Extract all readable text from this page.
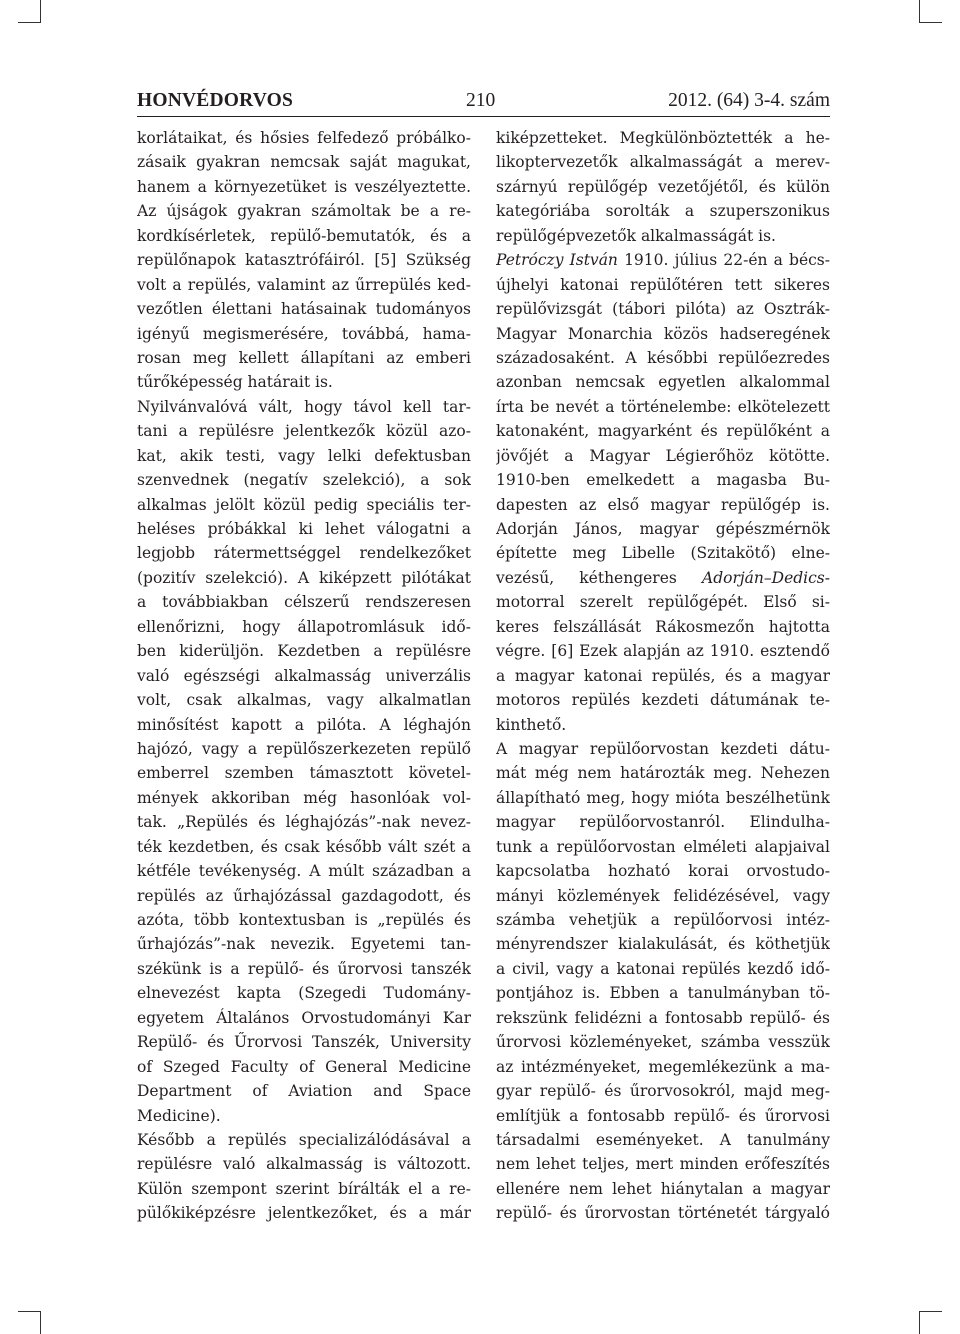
HONVÉDORVOS	210	2012. (64) 3-4. szám
korlátaikat, és hősies felfedező próbálko-
zásaik gyakran nemcsak saját magukat,
hanem a környezetüket is veszélyeztette.
Az újságok gyakran számoltak be a re-
kordkísérletek, repülő-bemutatók, és a
repülőnapok katasztrófáiról. [5] Szükség
volt a repülés, valamint az űrrepülés ked-
vezőtlen élettani hatásainak tudományos
igényű megismerésére, továbbá, hama-
rosan meg kellett állapítani az emberi
tűrőképesség határait is.
Nyilvánvalóvá vált, hogy távol kell tar-
tani a repülésre jelentkezők közül azo-
kat, akik testi, vagy lelki defektusban
szenvednek (negatív szelekció), a sok
alkalmas jelölt közül pedig speciális ter-
heléses próbákkal ki lehet válogatni a
legjobb rátermettséggel rendelkezőket
(pozitív szelekció). A kiképzett pilótákat
a továbbiakban célszerű rendszeresen
ellenőrizni, hogy állapotromlásuk idő-
ben kiderüljön. Kezdetben a repülésre
való egészségi alkalmasság univerzális
volt, csak alkalmas, vagy alkalmatlan
minősítést kapott a pilóta. A léghajón
hajózó, vagy a repülőszerkezeten repülő
emberrel szemben támasztott követel-
mények akkoriban még hasonlóak vol-
tak. „Repülés és léghajózás”-nak nevez-
ték kezdetben, és csak később vált szét a
kétféle tevékenység. A múlt században a
repülés az űrhajózással gazdagodott, és
azóta, több kontextusban is „repülés és
űrhajózás”-nak nevezik. Egyetemi tan-
székünk is a repülő- és űrorvosi tanszék
elnevezést kapta (Szegedi Tudomány-
egyetem Általános Orvostudományi Kar
Repülő- és Űrorvosi Tanszék, University
of Szeged Faculty of General Medicine
Department of Aviation and Space
Medicine).
Később a repülés specializálódásával a
repülésre való alkalmasság is változott.
Külön szempont szerint bírálták el a re-
pülőkiképzésre jelentkezőket, és a már
kiképzetteket. Megkülönböztették a he-
likoptervezetők alkalmasságát a merev-
szárnyú repülőgép vezetőjétől, és külön
kategóriába sorolták a szuperszonikus
repülőgépvezetők alkalmasságát is.
Petróczy István 1910. július 22-én a bécs-
újhelyi katonai repülőtéren tett sikeres
repülővizsgát (tábori pilóta) az Osztrák-
Magyar Monarchia közös hadseregének
századosaként. A későbbi repülőezredes
azonban nemcsak egyetlen alkalommal
írta be nevét a történelembe: elkötelezett
katonaként, magyarként és repülőként a
jövőjét a Magyar Légierőhöz kötötte.
1910-ben emelkedett a magasba Bu-
dapesten az első magyar repülőgép is.
Adorján János, magyar gépészmérnök
építette meg Libelle (Szitakötő) elne-
vezésű, kéthengeres Adorján–Dedics-
motorral szerelt repülőgépét. Első si-
keres felszállását Rákosmezőn hajtotta
végre. [6] Ezek alapján az 1910. esztendő
a magyar katonai repülés, és a magyar
motoros repülés kezdeti dátumának te-
kinthető.
A magyar repülőorvostan kezdeti dátu-
mát még nem határozták meg. Nehezen
állapítható meg, hogy mióta beszélhetünk
magyar repülőorvostanról. Elindulha-
tunk a repülőorvostan elméleti alapjaival
kapcsolatba hozható korai orvostudo-
mányi közlemények felidézésével, vagy
számba vehetjük a repülőorvosi intéz-
ményrendszer kialakulását, és köthetjük
a civil, vagy a katonai repülés kezdő idő-
pontjához is. Ebben a tanulmányban tö-
rekszünk felidézni a fontosabb repülő- és
űrorvosi közleményeket, számba vesszük
az intézményeket, megemlékezünk a ma-
gyar repülő- és űrorvosokról, majd meg-
említjük a fontosabb repülő- és űrorvosi
társadalmi eseményeket. A tanulmány
nem lehet teljes, mert minden erőfeszítés
ellenére nem lehet hiánytalan a magyar
repülő- és űrorvostan történetét tárgyaló
